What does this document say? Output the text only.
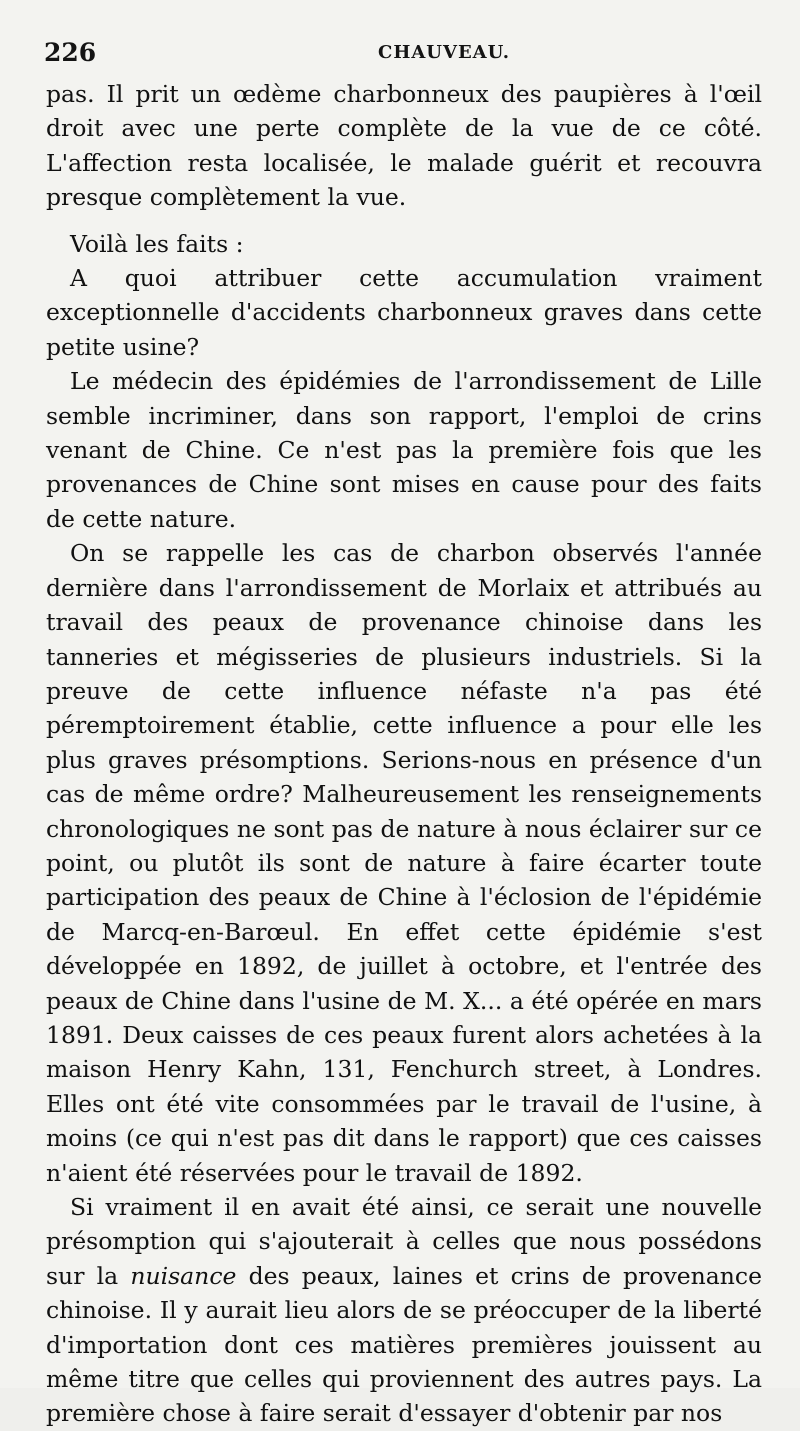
226	CHAUVEAU.

pas. Il prit un œdème charbonneux des paupières à l'œil droit avec une perte complète de la vue de ce côté. L'affection resta localisée, le malade guérit et recouvra presque complètement la vue.

Voilà les faits :

A quoi attribuer cette accumulation vraiment exceptionnelle d'accidents charbonneux graves dans cette petite usine?

Le médecin des épidémies de l'arrondissement de Lille semble incriminer, dans son rapport, l'emploi de crins venant de Chine. Ce n'est pas la première fois que les provenances de Chine sont mises en cause pour des faits de cette nature.

On se rappelle les cas de charbon observés l'année dernière dans l'arrondissement de Morlaix et attribués au travail des peaux de provenance chinoise dans les tanneries et mégisseries de plusieurs industriels. Si la preuve de cette influence néfaste n'a pas été péremptoirement établie, cette influence a pour elle les plus graves présomptions. Serions-nous en présence d'un cas de même ordre? Malheureusement les renseignements chronologiques ne sont pas de nature à nous éclairer sur ce point, ou plutôt ils sont de nature à faire écarter toute participation des peaux de Chine à l'éclosion de l'épidémie de Marcq-en-Barœul. En effet cette épidémie s'est développée en 1892, de juillet à octobre, et l'entrée des peaux de Chine dans l'usine de M. X... a été opérée en mars 1891. Deux caisses de ces peaux furent alors achetées à la maison Henry Kahn, 131, Fenchurch street, à Londres. Elles ont été vite consommées par le travail de l'usine, à moins (ce qui n'est pas dit dans le rapport) que ces caisses n'aient été réservées pour le travail de 1892.

Si vraiment il en avait été ainsi, ce serait une nouvelle présomption qui s'ajouterait à celles que nous possédons sur la nuisance des peaux, laines et crins de provenance chinoise. Il y aurait lieu alors de se préoccuper de la liberté d'importation dont ces matières premières jouissent au même titre que celles qui proviennent des autres pays. La première chose à faire serait d'essayer d'obtenir par nos
